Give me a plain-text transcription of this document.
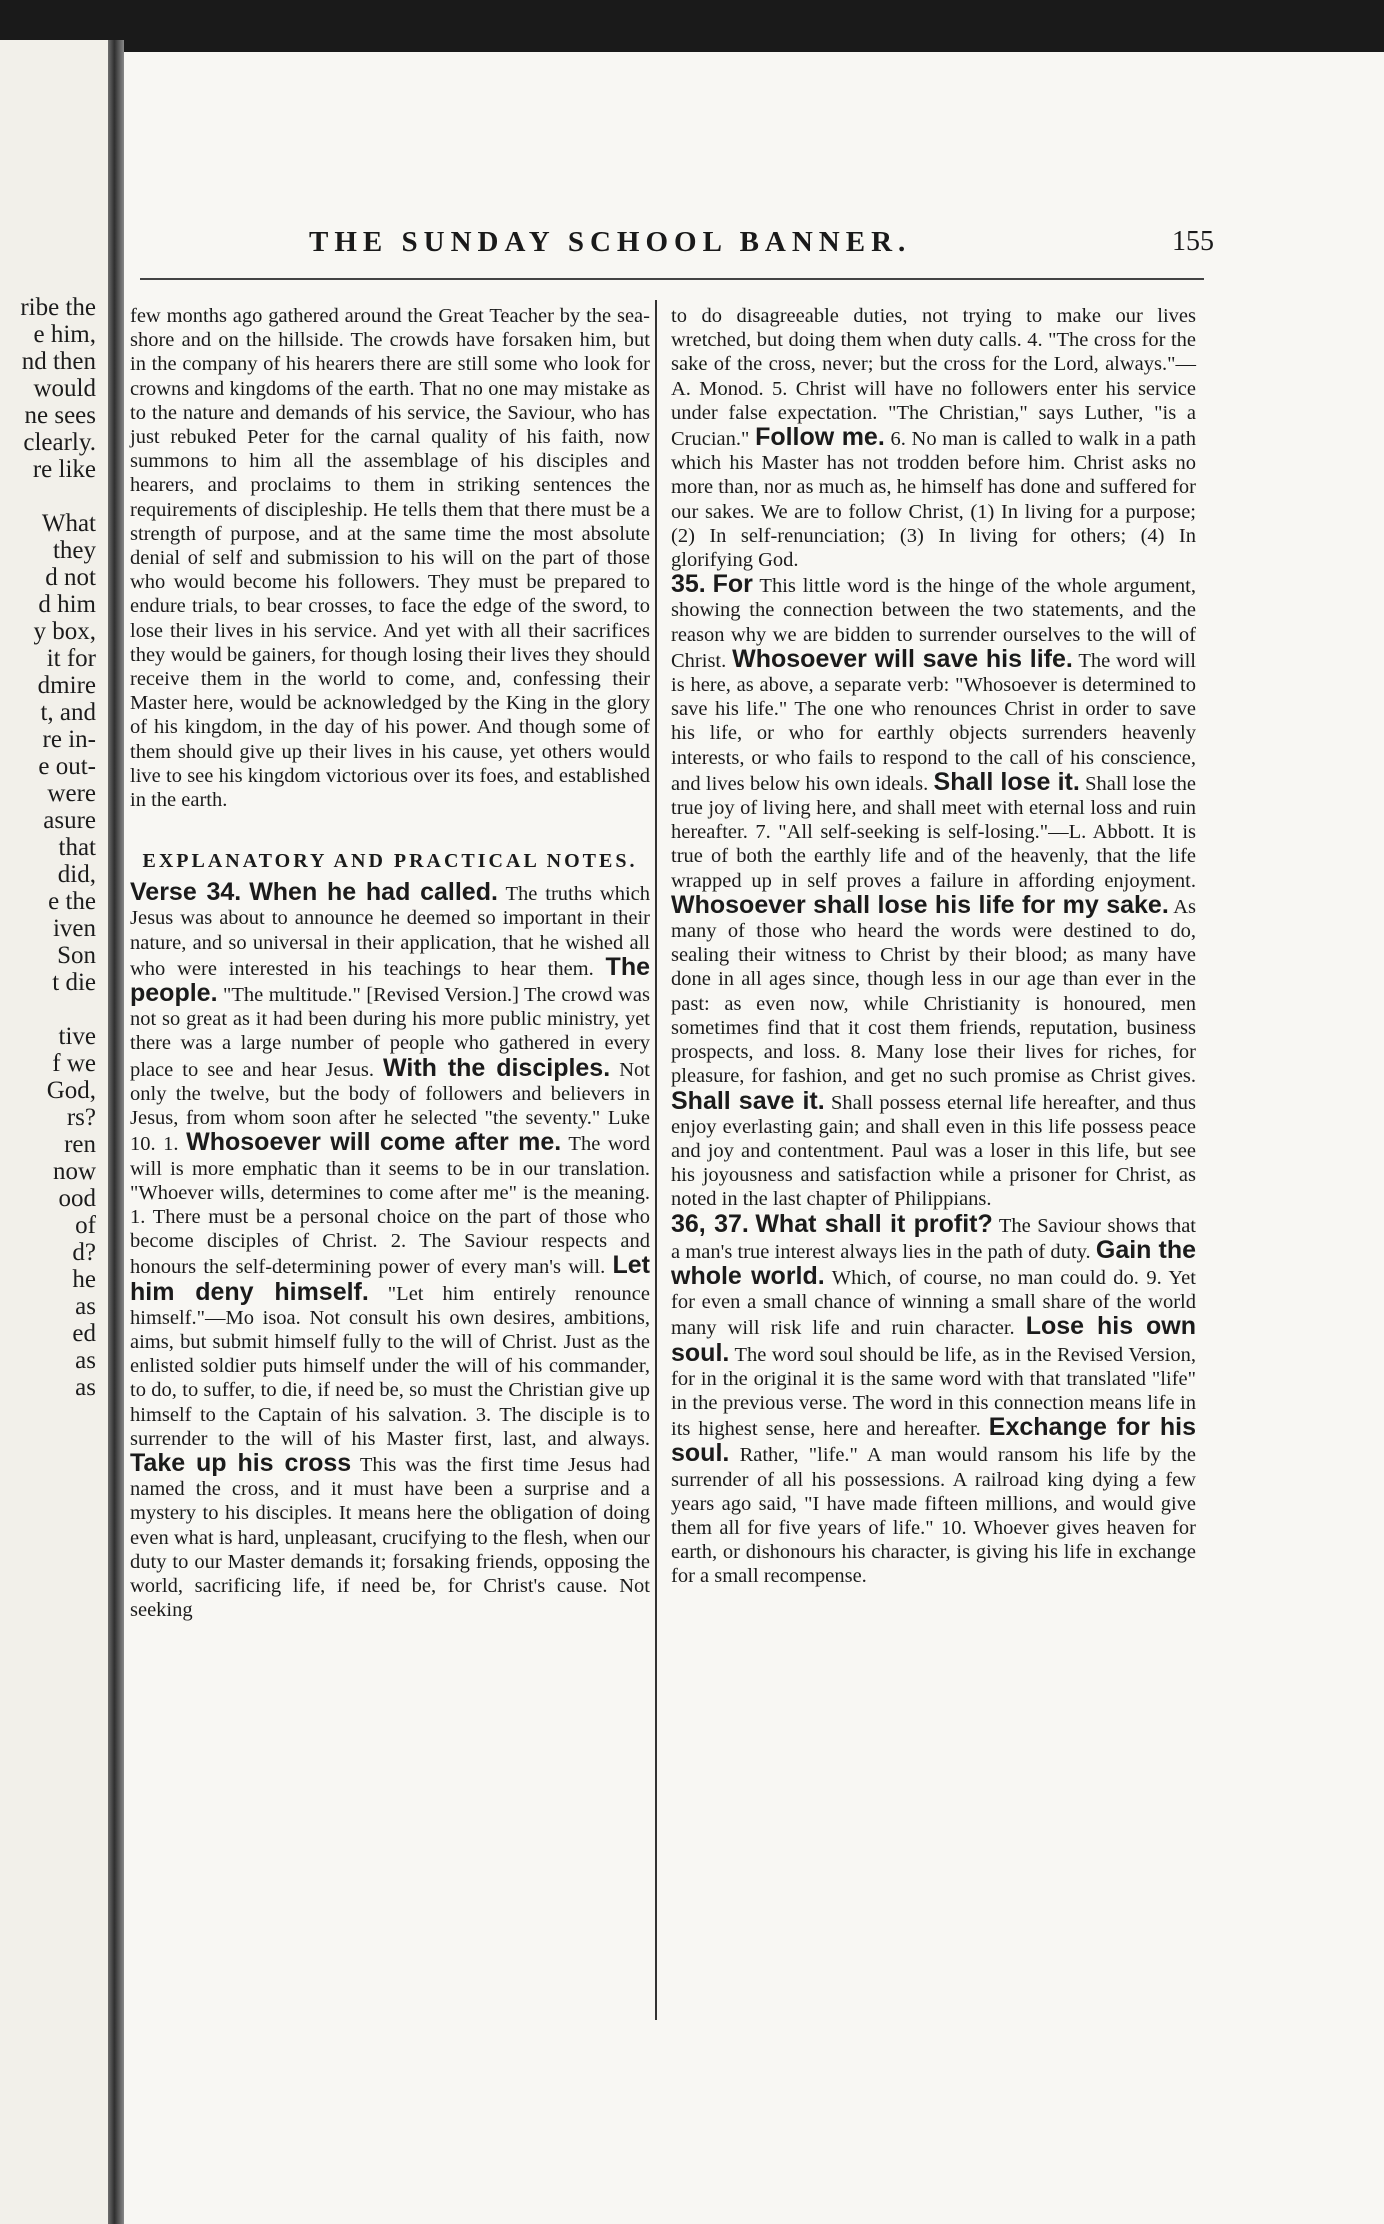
ribe the
e him,
nd then
would
ne sees
clearly.
re like
What
they
d not
d him
y box,
it for
dmire
t, and
re in-
e out-
were
asure
that
did,
e the
iven
Son
t die
tive
f we
God,
rs?
ren
now
ood
of
d?
he
as
ed
as
as
THE SUNDAY SCHOOL BANNER.	155

few months ago gathered around the Great Teacher by the sea-shore and on the hillside. The crowds have forsaken him, but in the company of his hearers there are still some who look for crowns and kingdoms of the earth. That no one may mistake as to the nature and demands of his service, the Saviour, who has just rebuked Peter for the carnal quality of his faith, now summons to him all the assemblage of his disciples and hearers, and proclaims to them in striking sentences the requirements of discipleship. He tells them that there must be a strength of purpose, and at the same time the most absolute denial of self and submission to his will on the part of those who would become his followers. They must be prepared to endure trials, to bear crosses, to face the edge of the sword, to lose their lives in his service. And yet with all their sacrifices they would be gainers, for though losing their lives they should receive them in the world to come, and, confessing their Master here, would be acknowledged by the King in the glory of his kingdom, in the day of his power. And though some of them should give up their lives in his cause, yet others would live to see his kingdom victorious over its foes, and established in the earth.

EXPLANATORY AND PRACTICAL NOTES.

Verse 34. When he had called. The truths which Jesus was about to announce he deemed so important in their nature, and so universal in their application, that he wished all who were interested in his teachings to hear them. The people. "The multitude." [Revised Version.] The crowd was not so great as it had been during his more public ministry, yet there was a large number of people who gathered in every place to see and hear Jesus. With the disciples. Not only the twelve, but the body of followers and believers in Jesus, from whom soon after he selected "the seventy." Luke 10. 1. Whosoever will come after me. The word will is more emphatic than it seems to be in our translation. "Whoever wills, determines to come after me" is the meaning. 1. There must be a personal choice on the part of those who become disciples of Christ. 2. The Saviour respects and honours the self-determining power of every man's will. Let him deny himself. "Let him entirely renounce himself."—Mo isoa. Not consult his own desires, ambitions, aims, but submit himself fully to the will of Christ. Just as the enlisted soldier puts himself under the will of his commander, to do, to suffer, to die, if need be, so must the Christian give up himself to the Captain of his salvation. 3. The disciple is to surrender to the will of his Master first, last, and always. Take up his cross This was the first time Jesus had named the cross, and it must have been a surprise and a mystery to his disciples. It means here the obligation of doing even what is hard, unpleasant, crucifying to the flesh, when our duty to our Master demands it; forsaking friends, opposing the world, sacrificing life, if need be, for Christ's cause. Not seeking

to do disagreeable duties, not trying to make our lives wretched, but doing them when duty calls. 4. "The cross for the sake of the cross, never; but the cross for the Lord, always."—A. Monod. 5. Christ will have no followers enter his service under false expectation. "The Christian," says Luther, "is a Crucian." Follow me. 6. No man is called to walk in a path which his Master has not trodden before him. Christ asks no more than, nor as much as, he himself has done and suffered for our sakes. We are to follow Christ, (1) In living for a purpose; (2) In self-renunciation; (3) In living for others; (4) In glorifying God.

35. For This little word is the hinge of the whole argument, showing the connection between the two statements, and the reason why we are bidden to surrender ourselves to the will of Christ. Whosoever will save his life. The word will is here, as above, a separate verb: "Whosoever is determined to save his life." The one who renounces Christ in order to save his life, or who for earthly objects surrenders heavenly interests, or who fails to respond to the call of his conscience, and lives below his own ideals. Shall lose it. Shall lose the true joy of living here, and shall meet with eternal loss and ruin hereafter. 7. "All self-seeking is self-losing."—L. Abbott. It is true of both the earthly life and of the heavenly, that the life wrapped up in self proves a failure in affording enjoyment. Whosoever shall lose his life for my sake. As many of those who heard the words were destined to do, sealing their witness to Christ by their blood; as many have done in all ages since, though less in our age than ever in the past: as even now, while Christianity is honoured, men sometimes find that it cost them friends, reputation, business prospects, and loss. 8. Many lose their lives for riches, for pleasure, for fashion, and get no such promise as Christ gives. Shall save it. Shall possess eternal life hereafter, and thus enjoy everlasting gain; and shall even in this life possess peace and joy and contentment. Paul was a loser in this life, but see his joyousness and satisfaction while a prisoner for Christ, as noted in the last chapter of Philippians.

36, 37. What shall it profit? The Saviour shows that a man's true interest always lies in the path of duty. Gain the whole world. Which, of course, no man could do. 9. Yet for even a small chance of winning a small share of the world many will risk life and ruin character. Lose his own soul. The word soul should be life, as in the Revised Version, for in the original it is the same word with that translated "life" in the previous verse. The word in this connection means life in its highest sense, here and hereafter. Exchange for his soul. Rather, "life." A man would ransom his life by the surrender of all his possessions. A railroad king dying a few years ago said, "I have made fifteen millions, and would give them all for five years of life." 10. Whoever gives heaven for earth, or dishonours his character, is giving his life in exchange for a small recompense.
